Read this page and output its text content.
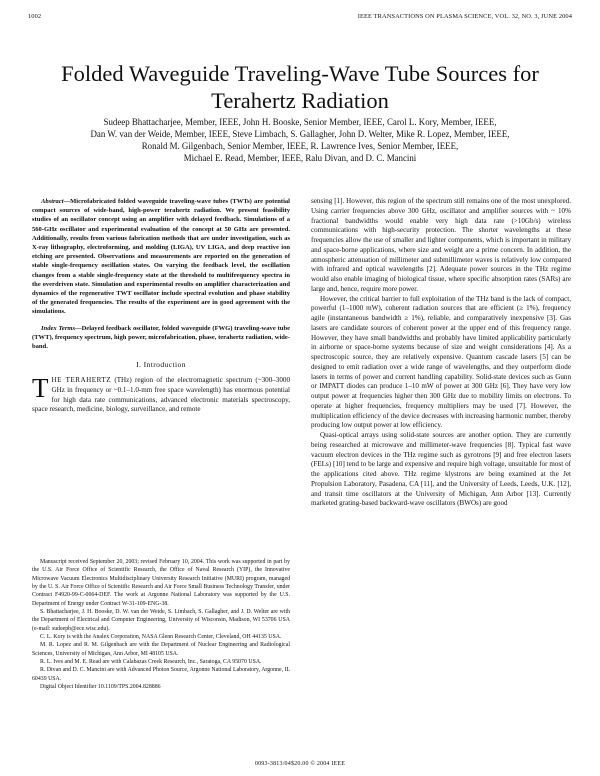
1002	IEEE TRANSACTIONS ON PLASMA SCIENCE, VOL. 32, NO. 3, JUNE 2004
Folded Waveguide Traveling-Wave Tube Sources for Terahertz Radiation
Sudeep Bhattacharjee, Member, IEEE, John H. Booske, Senior Member, IEEE, Carol L. Kory, Member, IEEE,
Dan W. van der Weide, Member, IEEE, Steve Limbach, S. Gallagher, John D. Welter, Mike R. Lopez, Member, IEEE,
Ronald M. Gilgenbach, Senior Member, IEEE, R. Lawrence Ives, Senior Member, IEEE,
Michael E. Read, Member, IEEE, Ralu Divan, and D. C. Mancini

Abstract—Microfabricated folded waveguide traveling-wave tubes (TWTs) are potential compact sources of wide-band, high-power terahertz radiation. We present feasibility studies of an oscillator concept using an amplifier with delayed feedback. Simulations of a 560-GHz oscillator and experimental evaluation of the concept at 50 GHz are presented. Additionally, results from various fabrication methods that are under investigation, such as X-ray lithography, electroforming, and molding (LIGA), UV LIGA, and deep reactive ion etching are presented. Observations and measurements are reported on the generation of stable single-frequency oscillation states. On varying the feedback level, the oscillation changes from a stable single-frequency state at the threshold to multifrequency spectra in the overdriven state. Simulation and experimental results on amplifier characterization and dynamics of the regenerative TWT oscillator include spectral evolution and phase stability of the generated frequencies. The results of the experiment are in good agreement with the simulations.

Index Terms—Delayed feedback oscillator, folded waveguide (FWG) traveling-wave tube (TWT), frequency spectrum, high power, microfabrication, phase, terahertz radiation, wide-band.

I. Introduction

THE TERAHERTZ (THz) region of the electromagnetic spectrum (~300–3000 GHz in frequency or ~0.1–1.0-mm free space wavelength) has enormous potential for high data rate communications, advanced electronic materials spectroscopy, space research, medicine, biology, surveillance, and remote

Manuscript received September 20, 2003; revised February 10, 2004. This work was supported in part by the U.S. Air Force Office of Scientific Research, the Office of Naval Research (YIP), the Innovative Microwave Vacuum Electronics Multidisciplinary University Research Initiative (MURI) program, managed by the U. S. Air Force Office of Scientific Research and Air Force Small Business Technology Transfer, under Contract F4920-99-C-0064-DEF. The work at Argonne National Laboratory was supported by the U.S. Department of Energy under Contract W-31-109-ENG-38.

S. Bhattacharjee, J. H. Booske, D. W. van der Weide, S. Limbach, S. Gallagher, and J. D. Welter are with the Department of Electrical and Computer Engineering, University of Wisconsin, Madison, WI 53706 USA (e-mail: sudeepb@ece.wisc.edu).

C. L. Kory is with the Analex Corporation, NASA Glenn Research Center, Cleveland, OH 44135 USA.

M. R. Lopez and R. M. Gilgenbach are with the Department of Nuclear Engineering and Radiological Sciences, University of Michigan, Ann Arbor, MI 48105 USA.

R. L. Ives and M. E. Read are with Calabazas Creek Research, Inc., Saratoga, CA 95070 USA.

R. Divan and D. C. Mancini are with Advanced Photon Source, Argonne National Laboratory, Argonne, IL 60439 USA.

Digital Object Identifier 10.1109/TPS.2004.828886

sensing [1]. However, this region of the spectrum still remains one of the most unexplored. Using carrier frequencies above 300 GHz, oscillator and amplifier sources with ~ 10% fractional bandwidths would enable very high data rate (>10Gb/s) wireless communications with high-security protection. The shorter wavelengths at these frequencies allow the use of smaller and lighter components, which is important in military and space-borne applications, where size and weight are a prime concern. In addition, the atmospheric attenuation of millimeter and submillimeter waves is relatively low compared with infrared and optical wavelengths [2]. Adequate power sources in the THz regime would also enable imaging of biological tissue, where specific absorption rates (SARs) are large and, hence, require more power.

However, the critical barrier to full exploitation of the THz band is the lack of compact, powerful (1–1000 mW), coherent radiation sources that are efficient (≥ 1%), frequency agile (instantaneous bandwidth ≥ 1%), reliable, and comparatively inexpensive [3]. Gas lasers are candidate sources of coherent power at the upper end of this frequency range. However, they have small bandwidths and probably have limited applicability particularly in airborne or space-borne systems because of size and weight considerations [4]. As a spectroscopic source, they are relatively expensive. Quantum cascade lasers [5] can be designed to emit radiation over a wide range of wavelengths, and they outperform diode lasers in terms of power and current handling capability. Solid-state devices such as Gunn or IMPATT diodes can produce 1–10 mW of power at 300 GHz [6]. They have very low output power at frequencies higher then 300 GHz due to mobility limits on electrons. To operate at higher frequencies, frequency multipliers may be used [7]. However, the multiplication efficiency of the device decreases with increasing harmonic number, thereby producing low output power at low efficiency.

Quasi-optical arrays using solid-state sources are another option. They are currently being researched at microwave and millimeter-wave frequencies [8]. Typical fast wave vacuum electron devices in the THz regime such as gyrotrons [9] and free electron lasers (FELs) [10] tend to be large and expensive and require high voltage, unsuitable for most of the applications cited above. THz regime klystrons are being examined at the Jet Propulsion Laboratory, Pasadena, CA [11], and the University of Leeds, Leeds, U.K. [12], and transit time oscillators at the University of Michigan, Ann Arbor [13]. Currently marketed grating-based backward-wave oscillators (BWOs) are good

0093-3813/04$20.00 © 2004 IEEE
